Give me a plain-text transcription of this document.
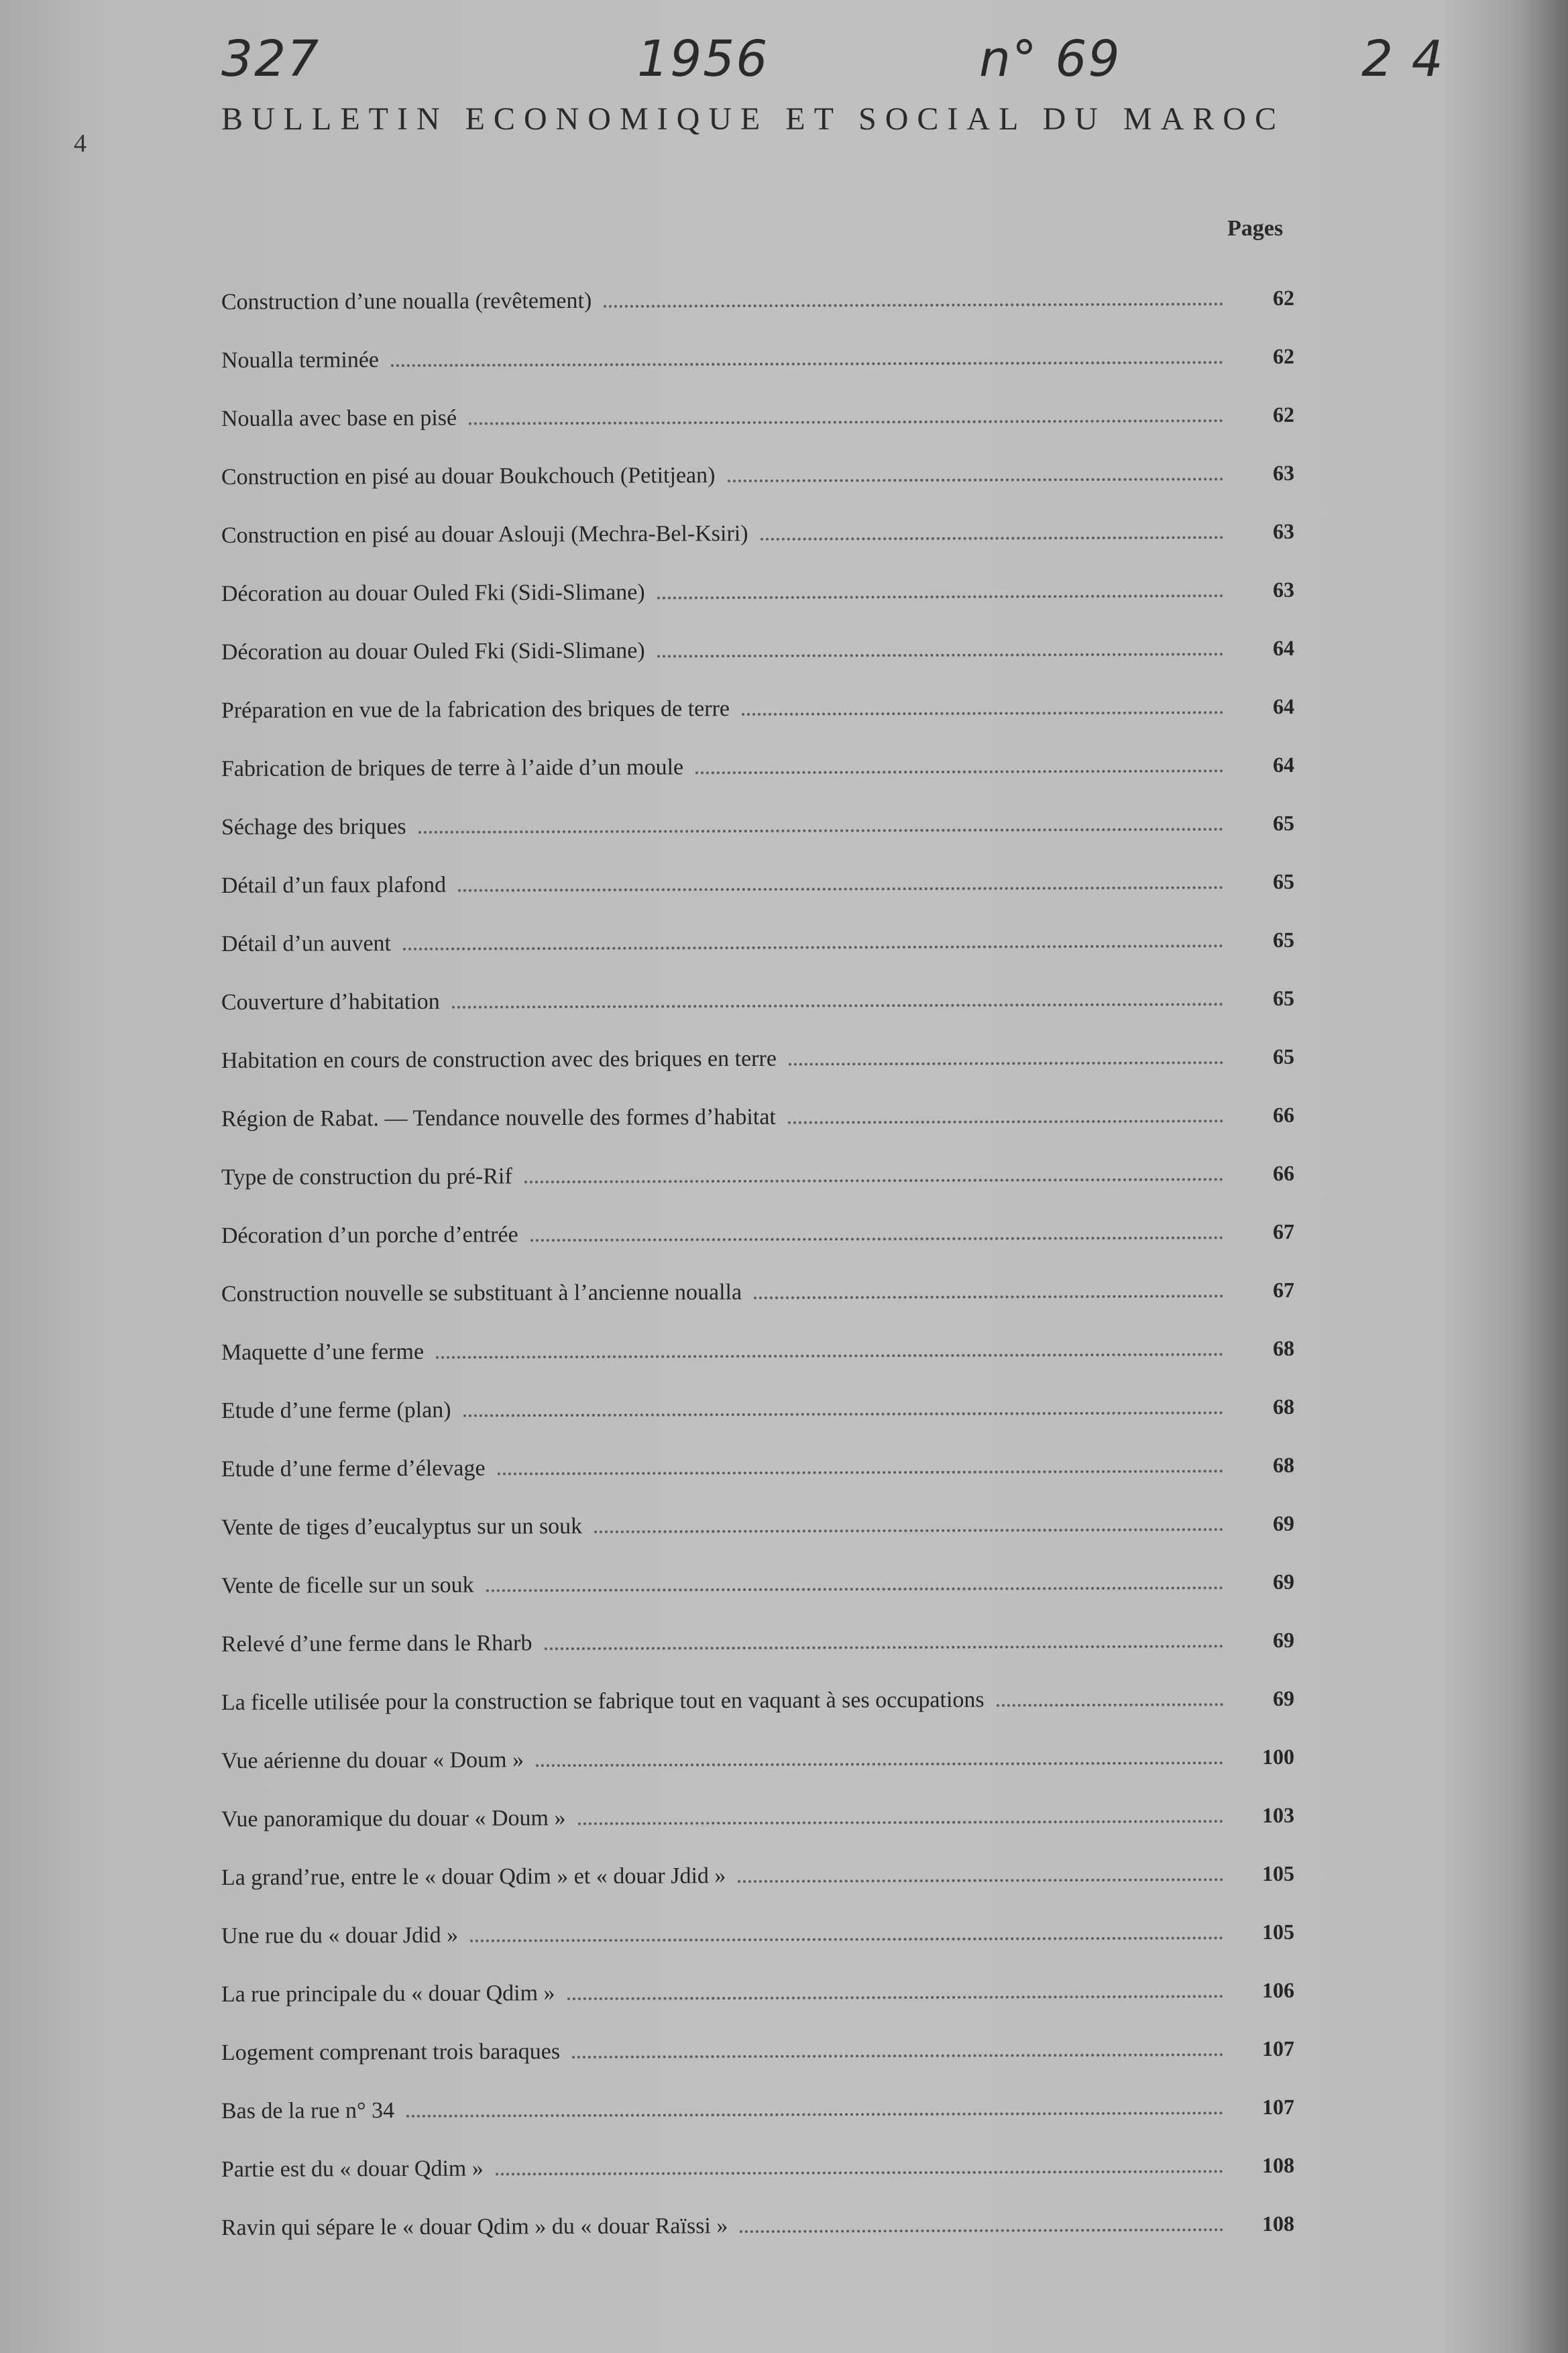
327	1956	n° 69	2 4
4
BULLETIN ECONOMIQUE ET SOCIAL DU MAROC
Pages
Construction d’une noualla (revêtement)	62
Noualla terminée	62
Noualla avec base en pisé	62
Construction en pisé au douar Boukchouch (Petitjean)	63
Construction en pisé au douar Aslouji (Mechra-Bel-Ksiri)	63
Décoration au douar Ouled Fki (Sidi-Slimane)	63
Décoration au douar Ouled Fki (Sidi-Slimane)	64
Préparation en vue de la fabrication des briques de terre	64
Fabrication de briques de terre à l’aide d’un moule	64
Séchage des briques	65
Détail d’un faux plafond	65
Détail d’un auvent	65
Couverture d’habitation	65
Habitation en cours de construction avec des briques en terre	65
Région de Rabat. — Tendance nouvelle des formes d’habitat	66
Type de construction du pré-Rif	66
Décoration d’un porche d’entrée	67
Construction nouvelle se substituant à l’ancienne noualla	67
Maquette d’une ferme	68
Etude d’une ferme (plan)	68
Etude d’une ferme d’élevage	68
Vente de tiges d’eucalyptus sur un souk	69
Vente de ficelle sur un souk	69
Relevé d’une ferme dans le Rharb	69
La ficelle utilisée pour la construction se fabrique tout en vaquant à ses occupations	69
Vue aérienne du douar « Doum »	100
Vue panoramique du douar « Doum »	103
La grand’rue, entre le « douar Qdim » et « douar Jdid »	105
Une rue du « douar Jdid »	105
La rue principale du « douar Qdim »	106
Logement comprenant trois baraques	107
Bas de la rue n° 34	107
Partie est du « douar Qdim »	108
Ravin qui sépare le « douar Qdim » du « douar Raïssi »	108
